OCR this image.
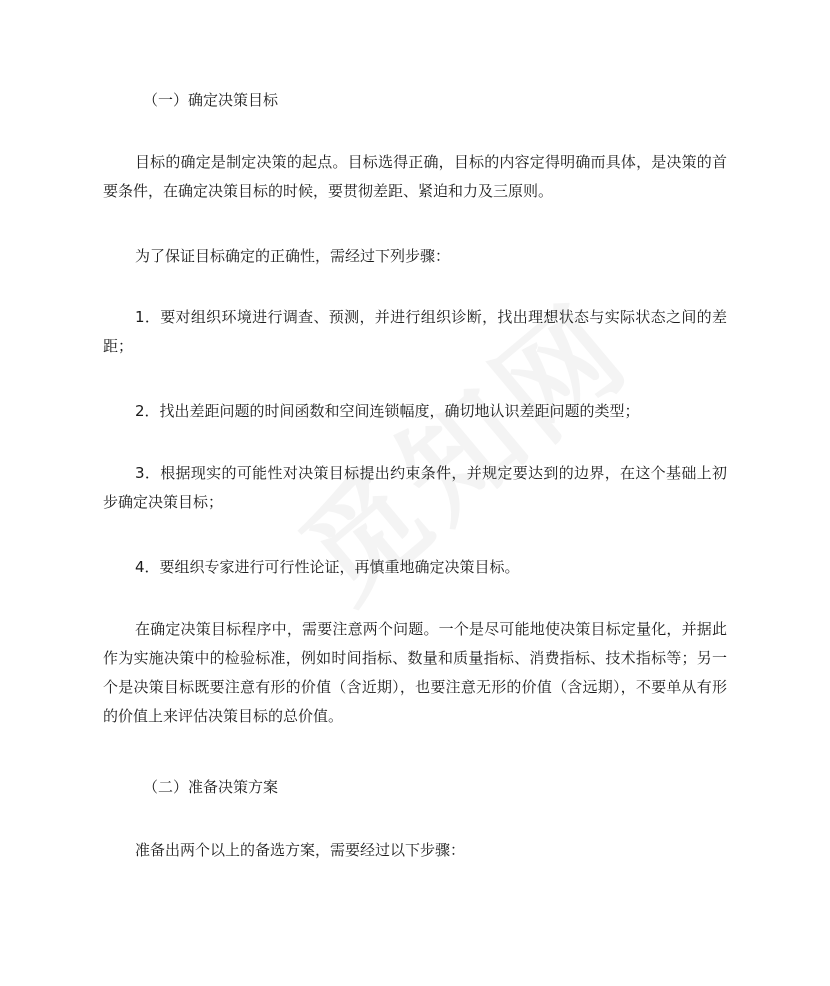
（一）确定决策目标

目标的确定是制定决策的起点。目标选得正确，目标的内容定得明确而具体，是决策的首要条件，在确定决策目标的时候，要贯彻差距、紧迫和力及三原则。

为了保证目标确定的正确性，需经过下列步骤：

1．要对组织环境进行调查、预测，并进行组织诊断，找出理想状态与实际状态之间的差距；

2．找出差距问题的时间函数和空间连锁幅度，确切地认识差距问题的类型；

3．根据现实的可能性对决策目标提出约束条件，并规定要达到的边界，在这个基础上初步确定决策目标；

4．要组织专家进行可行性论证，再慎重地确定决策目标。

在确定决策目标程序中，需要注意两个问题。一个是尽可能地使决策目标定量化，并据此作为实施决策中的检验标准，例如时间指标、数量和质量指标、消费指标、技术指标等；另一个是决策目标既要注意有形的价值（含近期），也要注意无形的价值（含远期），不要单从有形的价值上来评估决策目标的总价值。

（二）准备决策方案

准备出两个以上的备选方案，需要经过以下步骤：
